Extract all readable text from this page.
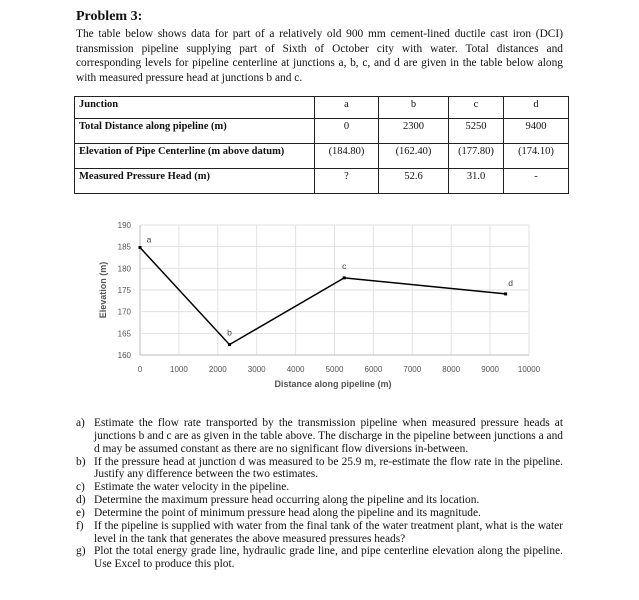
Problem 3:
The table below shows data for part of a relatively old 900 mm cement-lined ductile cast iron (DCI) transmission pipeline supplying part of Sixth of October city with water. Total distances and corresponding levels for pipeline centerline at junctions a, b, c, and d are given in the table below along with measured pressure head at junctions b and c.
Junction	a	b	c	d
Total Distance along pipeline (m)	0	2300	5250	9400
Elevation of Pipe Centerline (m above datum)	(184.80)	(162.40)	(177.80)	(174.10)
Measured Pressure Head (m)	?	52.6	31.0	-
0	1000	2000	3000	4000	5000	6000	7000	8000	9000 10000
160
165
170
175
180
185
190
Distance along pipeline (m)
Elevation (m)
a
b
c
d
a) Estimate the flow rate transported by the transmission pipeline when measured pressure heads at junctions b and c are as given in the table above. The discharge in the pipeline between junctions a and d may be assumed constant as there are no significant flow diversions in-between.
b) If the pressure head at junction d was measured to be 25.9 m, re-estimate the flow rate in the pipeline. Justify any difference between the two estimates.
c) Estimate the water velocity in the pipeline.
d) Determine the maximum pressure head occurring along the pipeline and its location.
e) Determine the point of minimum pressure head along the pipeline and its magnitude.
f) If the pipeline is supplied with water from the final tank of the water treatment plant, what is the water level in the tank that generates the above measured pressures heads?
g) Plot the total energy grade line, hydraulic grade line, and pipe centerline elevation along the pipeline. Use Excel to produce this plot.
